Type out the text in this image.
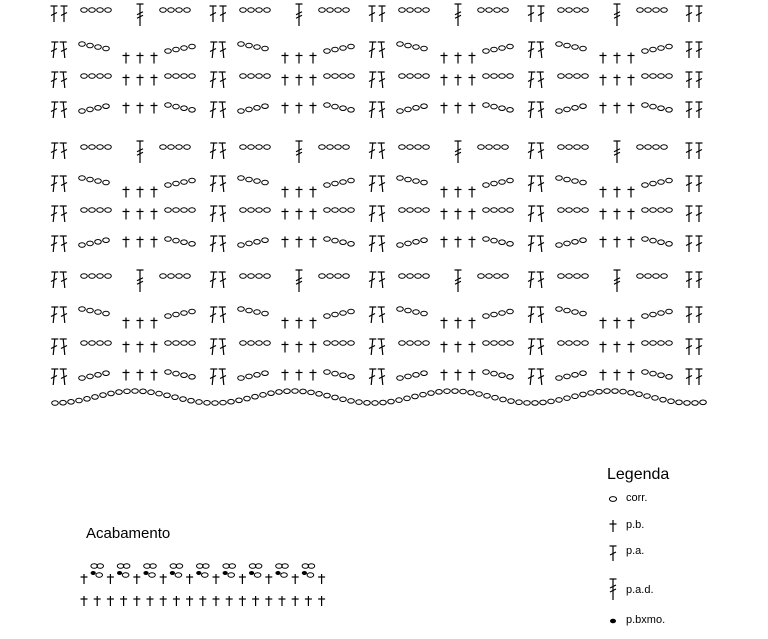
Legenda
corr.
p.b.
p.a.
p.a.d.
p.bxmo.
Acabamento
